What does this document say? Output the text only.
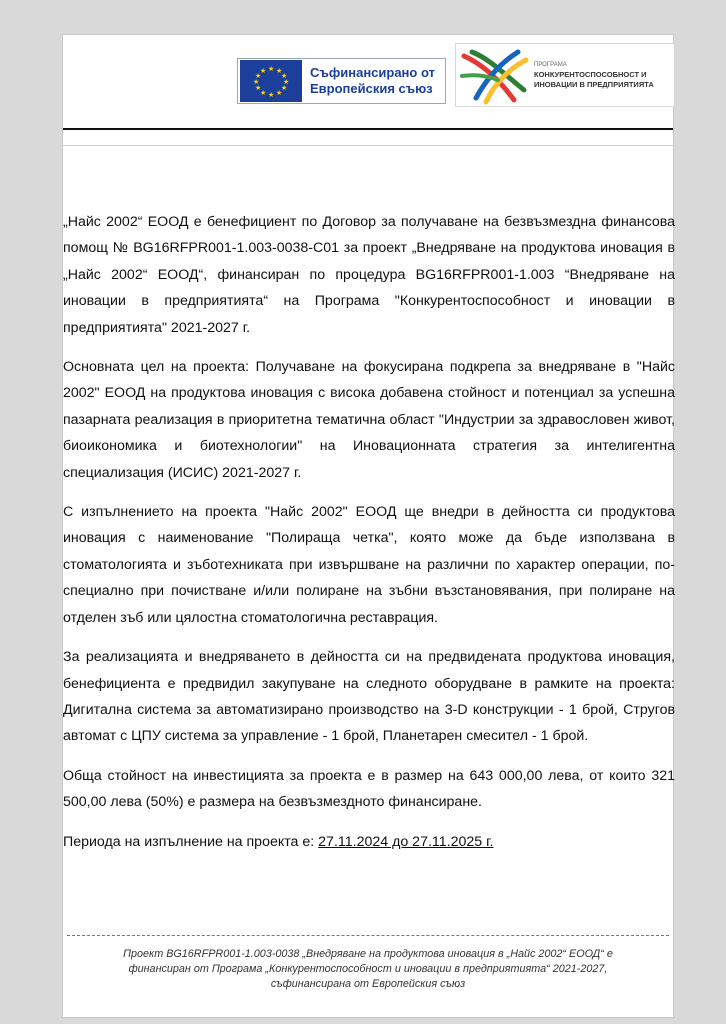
★ ★
★
★
★
★
★
★
★
★
★
★	Съфинансирано от
Европейския съюз
ПРОГРАМА
КОНКУРЕНТОСПОСОБНОСТ И
ИНОВАЦИИ В ПРЕДПРИЯТИЯТА

„Найс 2002“ ЕООД е бенефициент по Договор за получаване на безвъзмездна финансова помощ № BG16RFPR001-1.003-0038-C01 за проект „Внедряване на продуктова иновация в „Найс 2002“ ЕООД“, финансиран по процедура BG16RFPR001-1.003 “Внедряване на иновации в предприятията“ на Програма "Конкурентоспособност и иновации в предприятията" 2021-2027 г.

Основната цел на проекта: Получаване на фокусирана подкрепа за внедряване в "Найс 2002" ЕООД на продуктова иновация с висока добавена стойност и потенциал за успешна пазарната реализация в приоритетна тематична област "Индустрии за здравословен живот, биоикономика и биотехнологии" на Иновационната стратегия за интелигентна специализация (ИСИС) 2021-2027 г.

С изпълнението на проекта "Найс 2002" ЕООД ще внедри в дейността си продуктова иновация с наименование "Полираща четка", която може да бъде използвана в стоматологията и зъботехниката при извършване на различни по характер операции, по-специално при почистване и/или полиране на зъбни възстановявания, при полиране на отделен зъб или цялостна стоматологична реставрация.

За реализацията и внедряването в дейността си на предвидената продуктова иновация, бенефициента е предвидил закупуване на следното оборудване в рамките на проекта: Дигитална система за автоматизирано производство на 3-D конструкции - 1 брой, Стругов автомат с ЦПУ система за управление - 1 брой, Планетарен смесител - 1 брой.

Обща стойност на инвестицията за проекта е в размер на 643 000,00 лева, от които 321 500,00 лева (50%) е размера на безвъзмездното финансиране.

Периода на изпълнение на проекта е: 27.11.2024 до 27.11.2025 г.

Проект BG16RFPR001-1.003-0038 „Внедряване на продуктова иновация в „Найс 2002“ ЕООД“ е
финансиран от Програма „Конкурентоспособност и иновации в предприятията“ 2021-2027,
съфинансирана от Европейския съюз
